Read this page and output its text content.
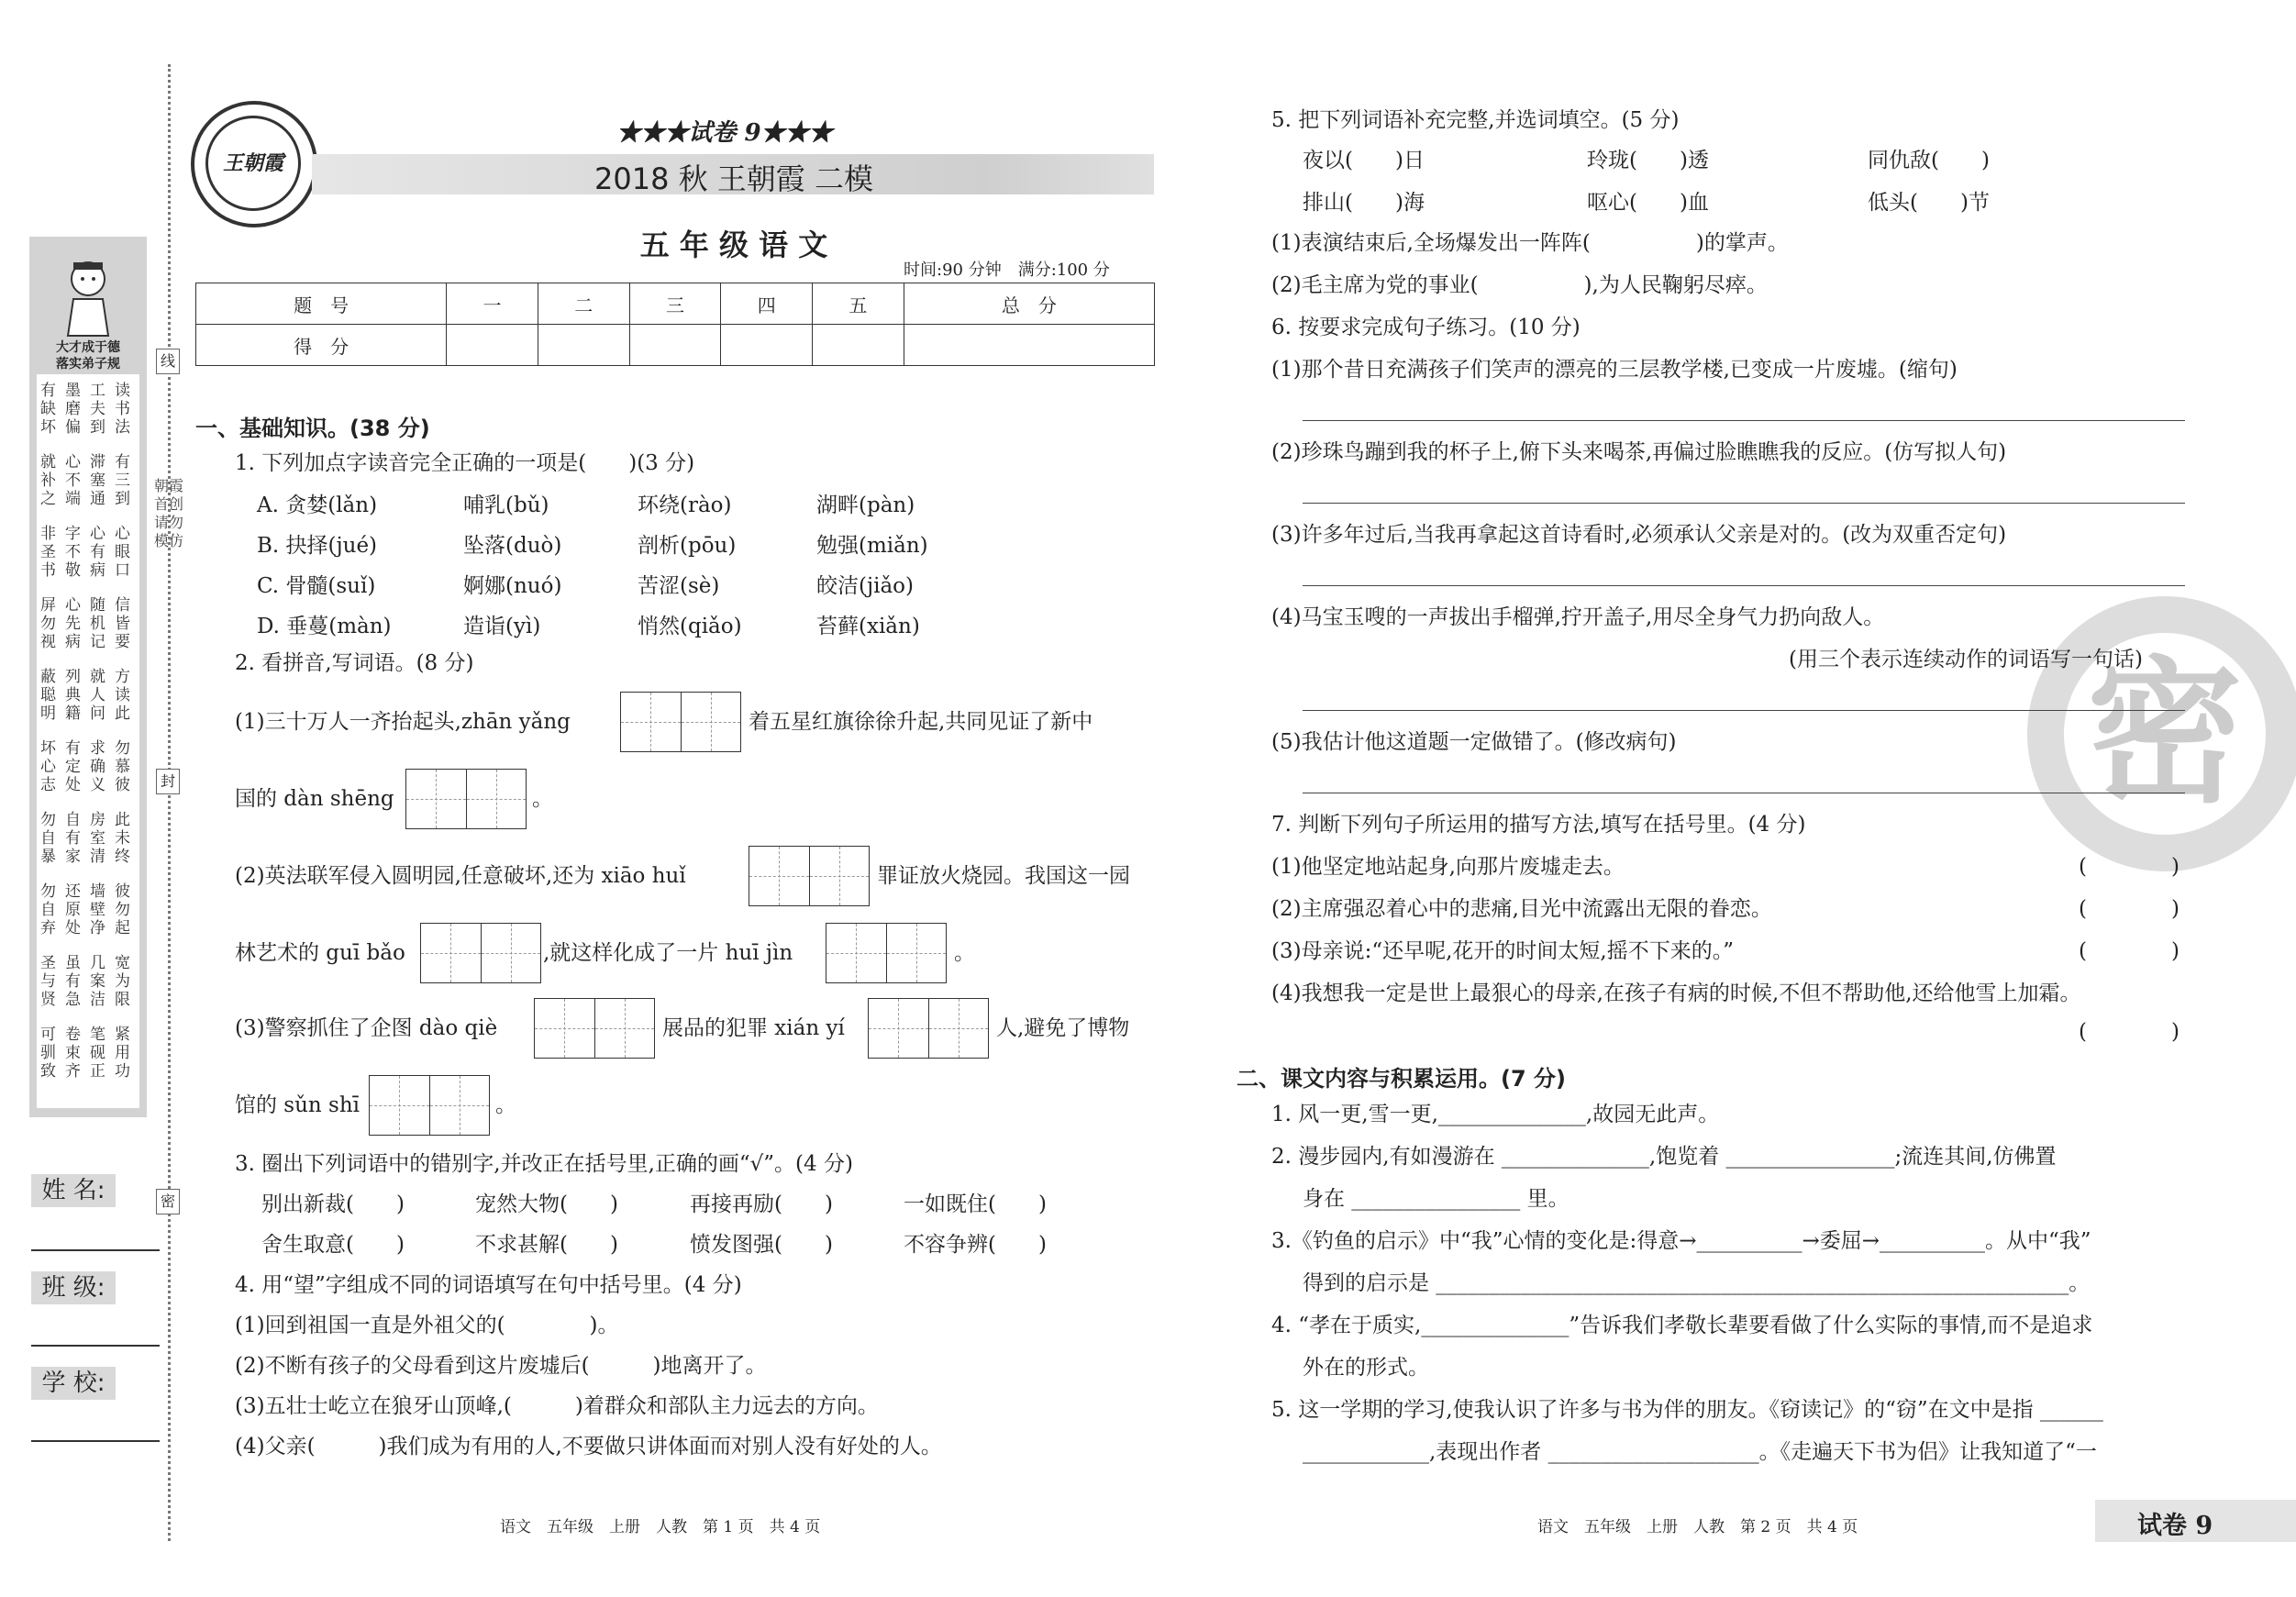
线
封
密
朝霞首创 请勿模仿
大才成于德
落实弟子规
有缺坏
墨磨偏
工夫到
读书法
就补之
心不端
滞塞通
有三到
非圣书
字不敬
心有病
心眼口
屏勿视
心先病
随机记
信皆要
蔽聪明
列典籍
就人问
方读此
坏心志
有定处
求确义
勿慕彼
勿自暴
自有家
房室清
此未终
勿自弃
还原处
墙壁净
彼勿起
圣与贤
虽有急
几案洁
宽为限
可驯致
卷束齐
笔砚正
紧用功
姓 名:
班 级:
学 校:
王朝霞
★★★试卷 9★★★
2018 秋 王朝霞 二模
五 年 级 语 文
时间:90 分钟　满分:100 分
题　号	一	二	三	四	五	总　分
得　分						
一、基础知识。(38 分)
1. 下列加点字读音完全正确的一项是(　　)(3 分)
A. 贪婪(lǎn)	哺乳(bǔ)	环绕(rào)	湖畔(pàn)
B. 抉择(jué)	坠落(duò)	剖析(pōu)	勉强(miǎn)
C. 骨髓(suǐ)	婀娜(nuó)	苦涩(sè)	皎洁(jiǎo)
D. 垂蔓(màn)	造诣(yì)	悄然(qiǎo)	苔藓(xiǎn)
2. 看拼音,写词语。(8 分)
(1)三十万人一齐抬起头,zhān yǎng	着五星红旗徐徐升起,共同见证了新中
国的 dàn shēng	。
(2)英法联军侵入圆明园,任意破坏,还为 xiāo huǐ	罪证放火烧园。我国这一园
林艺术的 guī bǎo	,就这样化成了一片 huī jìn	。
(3)警察抓住了企图 dào qiè	展品的犯罪 xián yí	人,避免了博物
馆的 sǔn shī	。
3. 圈出下列词语中的错别字,并改正在括号里,正确的画“√”。(4 分)
别出新裁(　　)	宠然大物(　　)	再接再励(　　)	一如既住(　　)
舍生取意(　　)	不求甚解(　　)	愤发图强(　　)	不容争辨(　　)
4. 用“望”字组成不同的词语填写在句中括号里。(4 分)
(1)回到祖国一直是外祖父的(　　　　)。
(2)不断有孩子的父母看到这片废墟后(　　　)地离开了。
(3)五壮士屹立在狼牙山顶峰,(　　　)着群众和部队主力远去的方向。
(4)父亲(　　　)我们成为有用的人,不要做只讲体面而对别人没有好处的人。
语文　五年级　上册　人教　第 1 页　共 4 页
密
5. 把下列词语补充完整,并选词填空。(5 分)
夜以(　　)日	玲珑(　　)透	同仇敌(　　)
排山(　　)海	呕心(　　)血	低头(　　)节
(1)表演结束后,全场爆发出一阵阵(　　　　　)的掌声。
(2)毛主席为党的事业(　　　　　),为人民鞠躬尽瘁。
6. 按要求完成句子练习。(10 分)
(1)那个昔日充满孩子们笑声的漂亮的三层教学楼,已变成一片废墟。(缩句)
(2)珍珠鸟蹦到我的杯子上,俯下头来喝茶,再偏过脸瞧瞧我的反应。(仿写拟人句)
(3)许多年过后,当我再拿起这首诗看时,必须承认父亲是对的。(改为双重否定句)
(4)马宝玉嗖的一声拔出手榴弹,拧开盖子,用尽全身气力扔向敌人。
(用三个表示连续动作的词语写一句话)
(5)我估计他这道题一定做错了。(修改病句)
7. 判断下列句子所运用的描写方法,填写在括号里。(4 分)
(1)他坚定地站起身,向那片废墟走去。	(　　　　)
(2)主席强忍着心中的悲痛,目光中流露出无限的眷恋。	(　　　　)
(3)母亲说:“还早呢,花开的时间太短,摇不下来的。”	(　　　　)
(4)我想我一定是世上最狠心的母亲,在孩子有病的时候,不但不帮助他,还给他雪上加霜。
(　　　　)
二、课文内容与积累运用。(7 分)
1. 风一更,雪一更,______________,故园无此声。
2. 漫步园内,有如漫游在 ______________,饱览着 ________________;流连其间,仿佛置
身在 ________________ 里。
3.《钓鱼的启示》中“我”心情的变化是:得意→__________→委屈→__________。从中“我”
得到的启示是 ____________________________________________________________。
4. “孝在于质实,______________”告诉我们孝敬长辈要看做了什么实际的事情,而不是追求
外在的形式。
5. 这一学期的学习,使我认识了许多与书为伴的朋友。《窃读记》的“窃”在文中是指 ______
____________,表现出作者 ____________________。《走遍天下书为侣》让我知道了“一
语文　五年级　上册　人教　第 2 页　共 4 页	试卷 9
